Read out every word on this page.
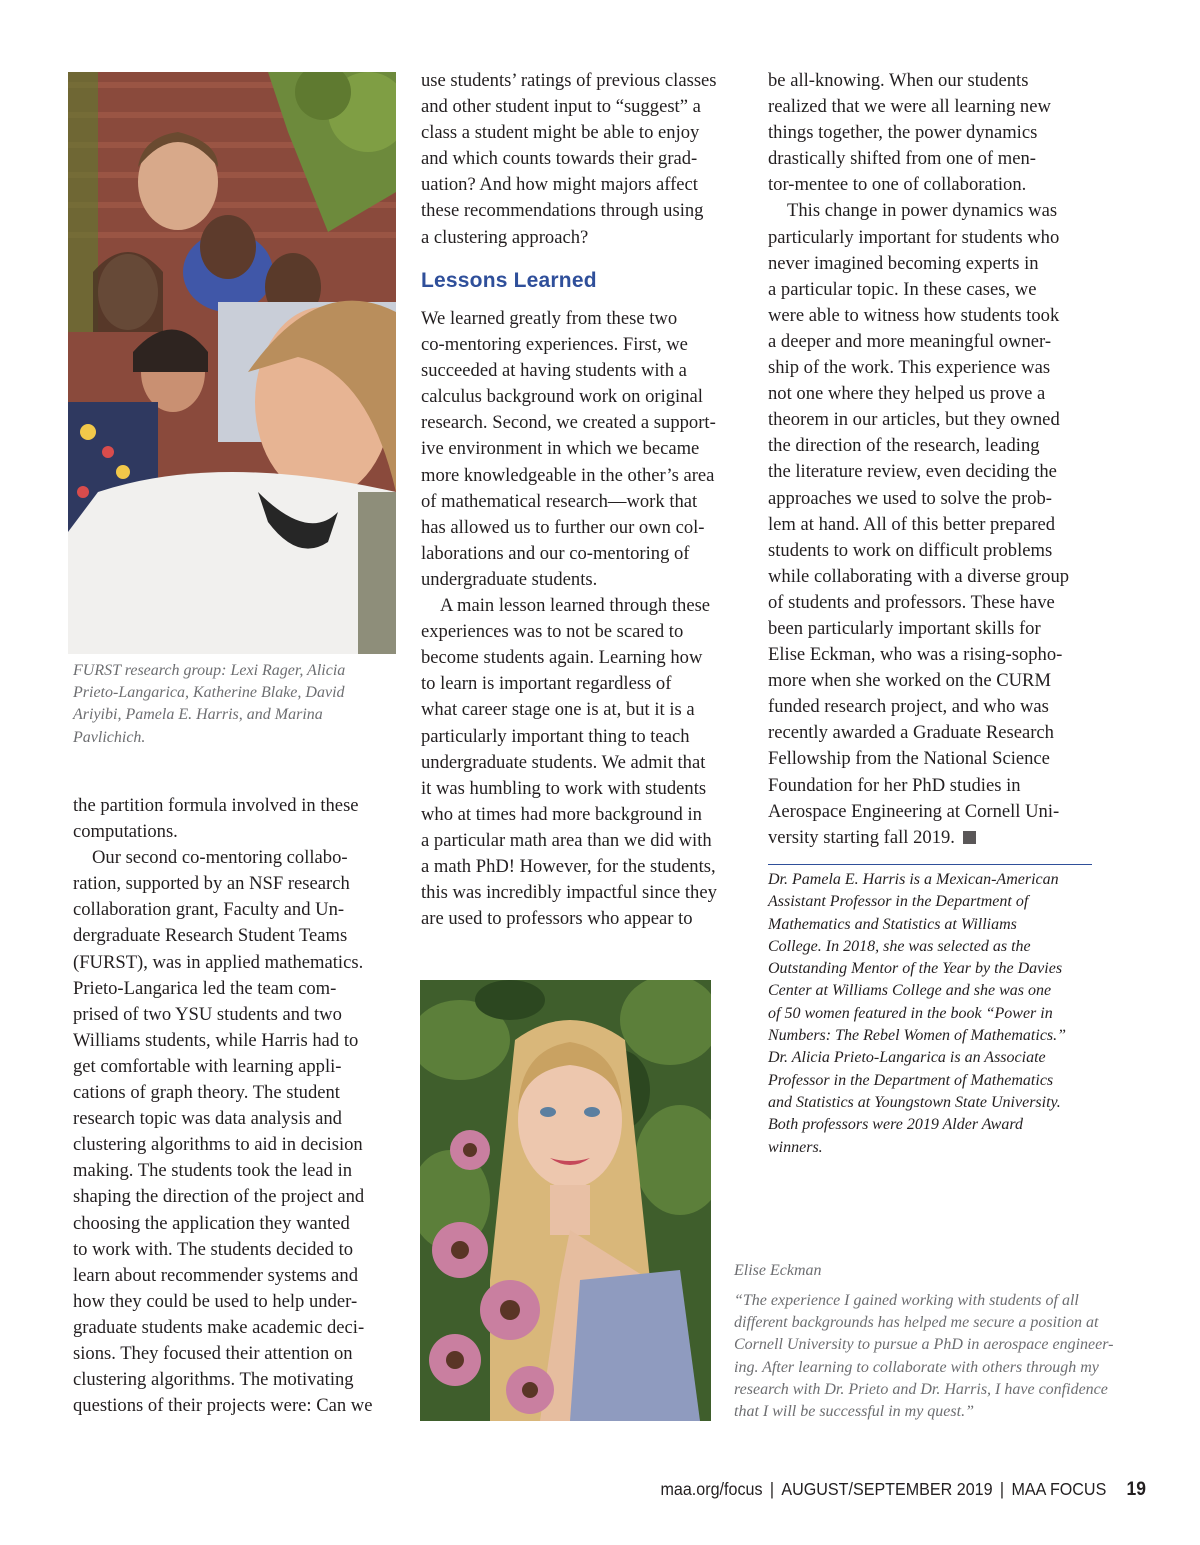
FURST research group: Lexi Rager, Alicia
Prieto-Langarica, Katherine Blake, David
Ariyibi, Pamela E. Harris, and Marina
Pavlichich.

the partition formula involved in these
computations.

Our second co-mentoring collabo-
ration, supported by an NSF research
collaboration grant, Faculty and Un-
dergraduate Research Student Teams
(FURST), was in applied mathematics.
Prieto-Langarica led the team com-
prised of two YSU students and two
Williams students, while Harris had to
get comfortable with learning appli-
cations of graph theory. The student
research topic was data analysis and
clustering algorithms to aid in decision
making. The students took the lead in
shaping the direction of the project and
choosing the application they wanted
to work with. The students decided to
learn about recommender systems and
how they could be used to help under-
graduate students make academic deci-
sions. They focused their attention on
clustering algorithms. The motivating
questions of their projects were: Can we

use students’ ratings of previous classes
and other student input to “suggest” a
class a student might be able to enjoy
and which counts towards their grad-
uation? And how might majors affect
these recommendations through using
a clustering approach?

Lessons Learned

We learned greatly from these two
co-mentoring experiences. First, we
succeeded at having students with a
calculus background work on original
research. Second, we created a support-
ive environment in which we became
more knowledgeable in the other’s area
of mathematical research—work that
has allowed us to further our own col-
laborations and our co-mentoring of
undergraduate students.

A main lesson learned through these
experiences was to not be scared to
become students again. Learning how
to learn is important regardless of
what career stage one is at, but it is a
particularly important thing to teach
undergraduate students. We admit that
it was humbling to work with students
who at times had more background in
a particular math area than we did with
a math PhD! However, for the students,
this was incredibly impactful since they
are used to professors who appear to

be all-knowing. When our students
realized that we were all learning new
things together, the power dynamics
drastically shifted from one of men-
tor-mentee to one of collaboration.

This change in power dynamics was
particularly important for students who
never imagined becoming experts in
a particular topic. In these cases, we
were able to witness how students took
a deeper and more meaningful owner-
ship of the work. This experience was
not one where they helped us prove a
theorem in our articles, but they owned
the direction of the research, leading
the literature review, even deciding the
approaches we used to solve the prob-
lem at hand. All of this better prepared
students to work on difficult problems
while collaborating with a diverse group
of students and professors. These have
been particularly important skills for
Elise Eckman, who was a rising-sopho-
more when she worked on the CURM
funded research project, and who was
recently awarded a Graduate Research
Fellowship from the National Science
Foundation for her PhD studies in
Aerospace Engineering at Cornell Uni-
versity starting fall 2019.

Dr. Pamela E. Harris is a Mexican-American
Assistant Professor in the Department of
Mathematics and Statistics at Williams
College. In 2018, she was selected as the
Outstanding Mentor of the Year by the Davies
Center at Williams College and she was one
of 50 women featured in the book “Power in
Numbers: The Rebel Women of Mathematics.”
Dr. Alicia Prieto-Langarica is an Associate
Professor in the Department of Mathematics
and Statistics at Youngstown State University.
Both professors were 2019 Alder Award
winners.
Elise Eckman
“The experience I gained working with students of all
different backgrounds has helped me secure a position at
Cornell University to pursue a PhD in aerospace engineer-
ing. After learning to collaborate with others through my
research with Dr. Prieto and Dr. Harris, I have confidence
that I will be successful in my quest.”
maa.org/focus | AUGUST/SEPTEMBER 2019 | MAA FOCUS 19
